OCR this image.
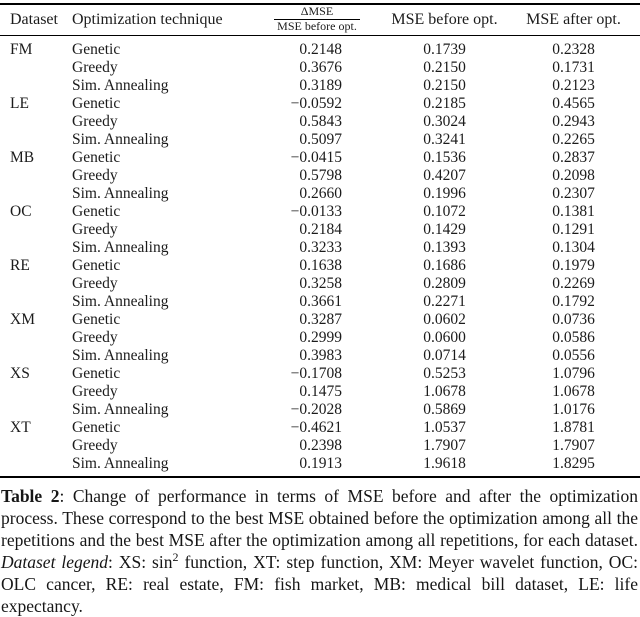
Dataset	Optimization technique	$\frac{\text{ΔMSE}}{\text{MSE before opt.}}$	MSE before opt.	MSE after opt.
FM	Genetic	0.2148	0.1739	0.2328
	Greedy	0.3676	0.2150	0.1731
	Sim. Annealing	0.3189	0.2150	0.2123
LE	Genetic	−0.0592	0.2185	0.4565
	Greedy	0.5843	0.3024	0.2943
	Sim. Annealing	0.5097	0.3241	0.2265
MB	Genetic	−0.0415	0.1536	0.2837
	Greedy	0.5798	0.4207	0.2098
	Sim. Annealing	0.2660	0.1996	0.2307
OC	Genetic	−0.0133	0.1072	0.1381
	Greedy	0.2184	0.1429	0.1291
	Sim. Annealing	0.3233	0.1393	0.1304
RE	Genetic	0.1638	0.1686	0.1979
	Greedy	0.3258	0.2809	0.2269
	Sim. Annealing	0.3661	0.2271	0.1792
XM	Genetic	0.3287	0.0602	0.0736
	Greedy	0.2999	0.0600	0.0586
	Sim. Annealing	0.3983	0.0714	0.0556
XS	Genetic	−0.1708	0.5253	1.0796
	Greedy	0.1475	1.0678	1.0678
	Sim. Annealing	−0.2028	0.5869	1.0176
XT	Genetic	−0.4621	1.0537	1.8781
	Greedy	0.2398	1.7907	1.7907
	Sim. Annealing	0.1913	1.9618	1.8295

Table 2: Change of performance in terms of MSE before and after the optimization process. These correspond to the best MSE obtained before the optimization among all the repetitions and the best MSE after the optimization among all repetitions, for each dataset. Dataset legend: XS: $\sin^2$ function, XT: step function, XM: Meyer wavelet function, OC: OLC cancer, RE: real estate, FM: fish market, MB: medical bill dataset, LE: life expectancy.
